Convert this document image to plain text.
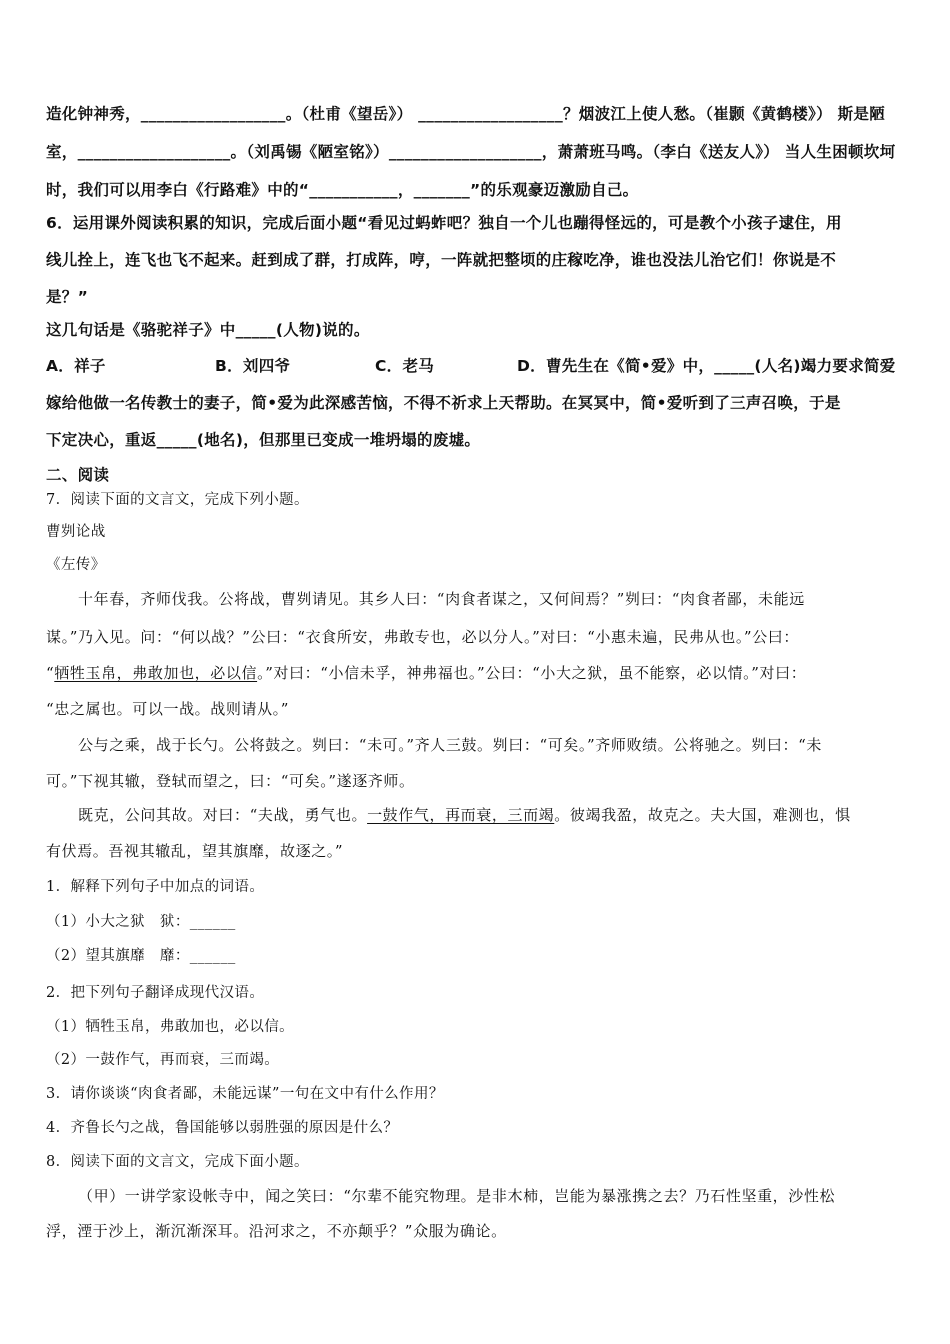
造化钟神秀，__________________。（杜甫《望岳》） __________________？烟波江上使人愁。（崔颢《黄鹤楼》） 斯是陋
室，___________________。（刘禹锡《陋室铭》）___________________，萧萧班马鸣。（李白《送友人》） 当人生困顿坎坷
时，我们可以用李白《行路难》中的“___________，_______”的乐观豪迈激励自己。
6．运用课外阅读积累的知识，完成后面小题“看见过蚂蚱吧？独自一个儿也蹦得怪远的，可是教个小孩子逮住，用
线儿拴上，连飞也飞不起来。赶到成了群，打成阵，哼，一阵就把整顷的庄稼吃净，谁也没法儿治它们！你说是不
是？”
这几句话是《骆驼祥子》中_____(人物)说的。
A．祥子	B．刘四爷	C．老马	D．曹先生在《简•爱》中，_____(人名)竭力要求简爱
嫁给他做一名传教士的妻子，简•爱为此深感苦恼，不得不祈求上天帮助。在冥冥中，简•爱听到了三声召唤，于是
下定决心，重返_____(地名)，但那里已变成一堆坍塌的废墟。
二、阅读
7．阅读下面的文言文，完成下列小题。
曹刿论战
《左传》
十年春，齐师伐我。公将战，曹刿请见。其乡人曰：“肉食者谋之，又何间焉？”刿曰：“肉食者鄙，未能远
谋。”乃入见。问：“何以战？”公曰：“衣食所安，弗敢专也，必以分人。”对曰：“小惠未遍，民弗从也。”公曰：
“牺牲玉帛，弗敢加也，必以信。”对曰：“小信未孚，神弗福也。”公曰：“小大之狱，虽不能察，必以情。”对曰：
“忠之属也。可以一战。战则请从。”
公与之乘，战于长勺。公将鼓之。刿曰：“未可。”齐人三鼓。刿曰：“可矣。”齐师败绩。公将驰之。刿曰：“未
可。”下视其辙，登轼而望之，曰：“可矣。”遂逐齐师。
既克，公问其故。对曰：“夫战，勇气也。一鼓作气，再而衰，三而竭。彼竭我盈，故克之。夫大国，难测也，惧
有伏焉。吾视其辙乱，望其旗靡，故逐之。”
1．解释下列句子中加点的词语。
（1）小大之狱　狱：______
（2）望其旗靡　靡：______
2．把下列句子翻译成现代汉语。
（1）牺牲玉帛，弗敢加也，必以信。
（2）一鼓作气，再而衰，三而竭。
3．请你谈谈“肉食者鄙，未能远谋”一句在文中有什么作用？
4．齐鲁长勺之战，鲁国能够以弱胜强的原因是什么？
8．阅读下面的文言文，完成下面小题。
（甲）一讲学家设帐寺中，闻之笑曰：“尔辈不能究物理。是非木柿，岂能为暴涨携之去？乃石性坚重，沙性松
浮，湮于沙上，渐沉渐深耳。沿河求之，不亦颠乎？”众服为确论。
